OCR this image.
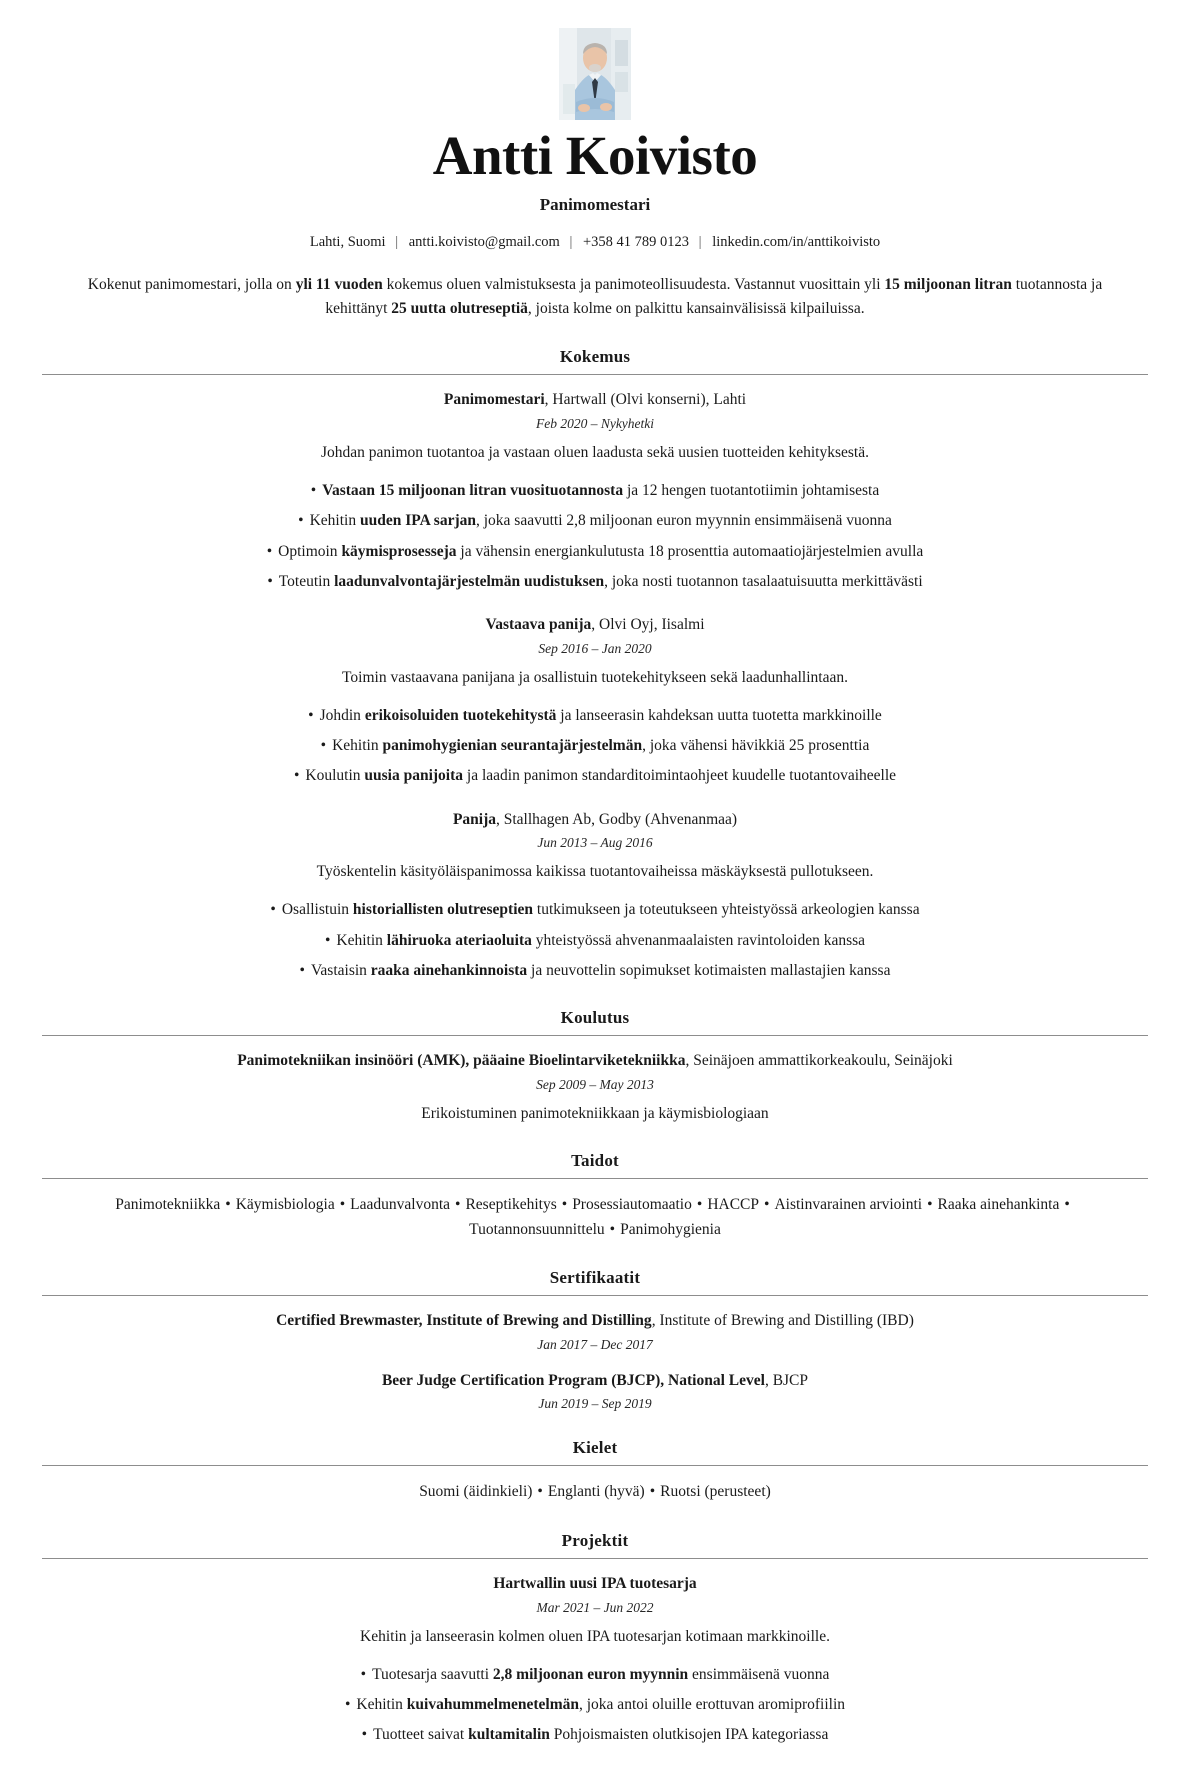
Antti Koivisto
Panimomestari
Lahti, Suomi | antti.koivisto@gmail.com | +358 41 789 0123 | linkedin.com/in/anttikoivisto

Kokenut panimomestari, jolla on yli 11 vuoden kokemus oluen valmistuksesta ja panimoteollisuudesta. Vastannut vuosittain yli 15 miljoonan litran tuotannosta ja kehittänyt 25 uutta olutreseptiä, joista kolme on palkittu kansainvälisissä kilpailuissa.

Kokemus
Panimomestari, Hartwall (Olvi konserni), Lahti
Feb 2020 – Nykyhetki
Johdan panimon tuotantoa ja vastaan oluen laadusta sekä uusien tuotteiden kehityksestä.
• Vastaan 15 miljoonan litran vuosituotannosta ja 12 hengen tuotantotiimin johtamisesta
• Kehitin uuden IPA sarjan, joka saavutti 2,8 miljoonan euron myynnin ensimmäisenä vuonna
• Optimoin käymisprosesseja ja vähensin energiankulutusta 18 prosenttia automaatiojärjestelmien avulla
• Toteutin laadunvalvontajärjestelmän uudistuksen, joka nosti tuotannon tasalaatuisuutta merkittävästi
Vastaava panija, Olvi Oyj, Iisalmi
Sep 2016 – Jan 2020
Toimin vastaavana panijana ja osallistuin tuotekehitykseen sekä laadunhallintaan.
• Johdin erikoisoluiden tuotekehitystä ja lanseerasin kahdeksan uutta tuotetta markkinoille
• Kehitin panimohygienian seurantajärjestelmän, joka vähensi hävikkiä 25 prosenttia
• Koulutin uusia panijoita ja laadin panimon standarditoimintaohjeet kuudelle tuotantovaiheelle
Panija, Stallhagen Ab, Godby (Ahvenanmaa)
Jun 2013 – Aug 2016
Työskentelin käsityöläispanimossa kaikissa tuotantovaiheissa mäskäyksestä pullotukseen.
• Osallistuin historiallisten olutreseptien tutkimukseen ja toteutukseen yhteistyössä arkeologien kanssa
• Kehitin lähiruoka ateriaoluita yhteistyössä ahvenanmaalaisten ravintoloiden kanssa
• Vastaisin raaka ainehankinnoista ja neuvottelin sopimukset kotimaisten mallastajien kanssa
Koulutus
Panimotekniikan insinööri (AMK), pääaine Bioelintarviketekniikka, Seinäjoen ammattikorkeakoulu, Seinäjoki
Sep 2009 – May 2013
Erikoistuminen panimotekniikkaan ja käymisbiologiaan
Taidot
Panimotekniikka • Käymisbiologia • Laadunvalvonta • Reseptikehitys • Prosessiautomaatio • HACCP • Aistinvarainen arviointi • Raaka ainehankinta •Tuotannonsuunnittelu • Panimohygienia
Sertifikaatit
Certified Brewmaster, Institute of Brewing and Distilling, Institute of Brewing and Distilling (IBD)
Jan 2017 – Dec 2017
Beer Judge Certification Program (BJCP), National Level, BJCP
Jun 2019 – Sep 2019
Kielet
Suomi (äidinkieli) • Englanti (hyvä) • Ruotsi (perusteet)
Projektit
Hartwallin uusi IPA tuotesarja
Mar 2021 – Jun 2022
Kehitin ja lanseerasin kolmen oluen IPA tuotesarjan kotimaan markkinoille.
• Tuotesarja saavutti 2,8 miljoonan euron myynnin ensimmäisenä vuonna
• Kehitin kuivahummelmenetelmän, joka antoi oluille erottuvan aromiprofiilin
• Tuotteet saivat kultamitalin Pohjoismaisten olutkisojen IPA kategoriassa
